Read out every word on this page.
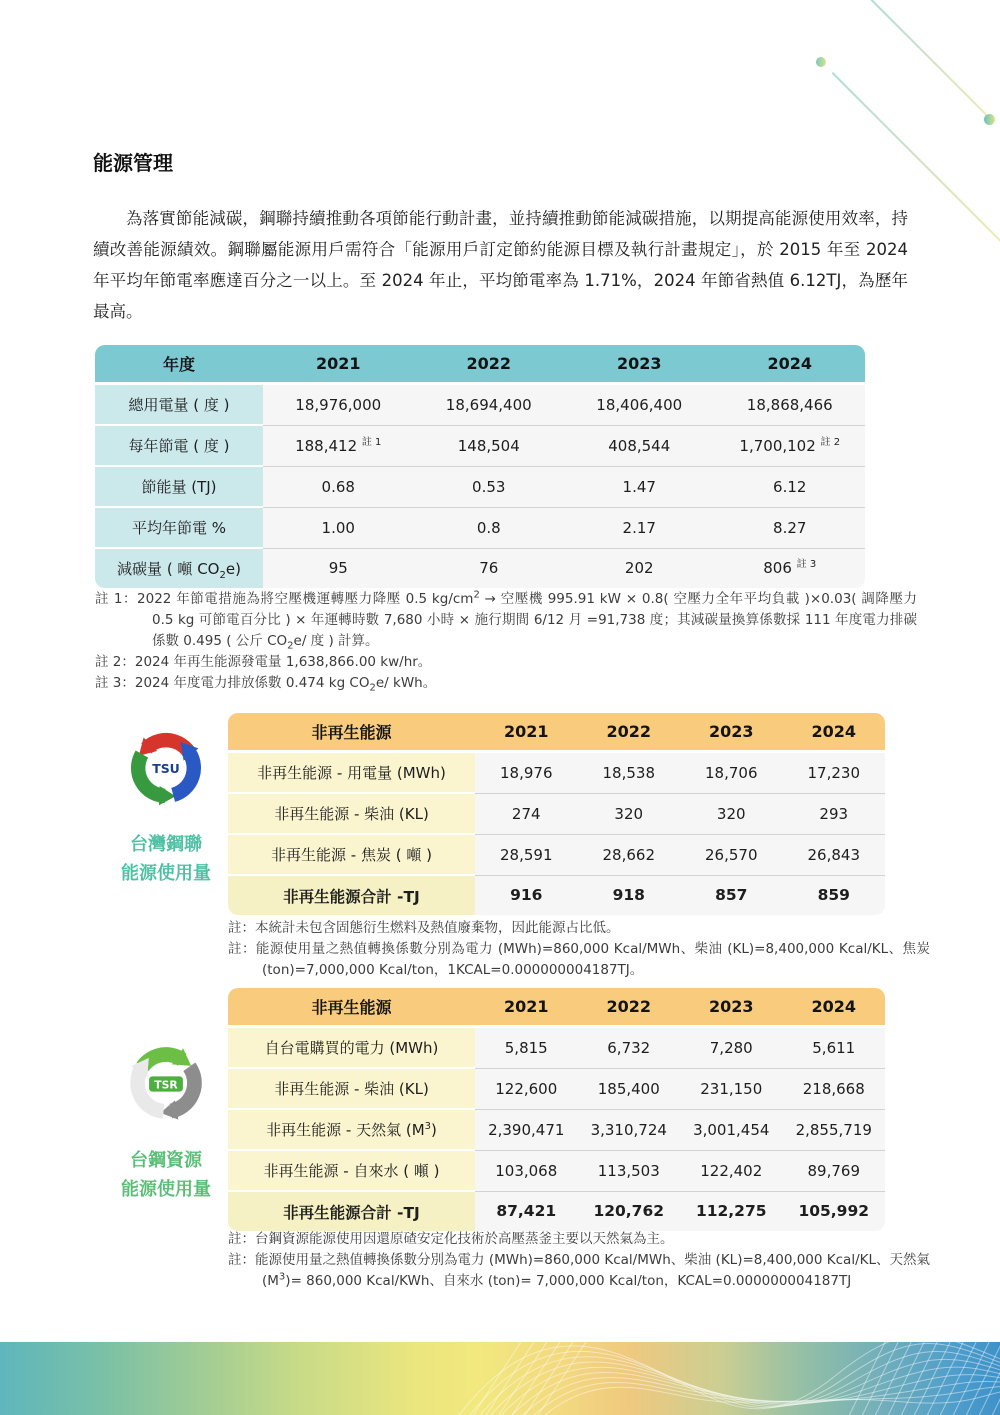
能源管理

為落實節能減碳，鋼聯持續推動各項節能行動計畫，並持續推動節能減碳措施，以期提高能源使用效率，持續改善能源績效。鋼聯屬能源用戶需符合「能源用戶訂定節約能源目標及執行計畫規定」，於 2015 年至 2024 年平均年節電率應達百分之一以上。至 2024 年止，平均節電率為 1.71%，2024 年節省熱值 6.12TJ，為歷年最高。

年度	2021	2022	2023	2024
總用電量 ( 度 )	18,976,000	18,694,400	18,406,400	18,868,466
每年節電 ( 度 )	188,412 $^{註 1}$	148,504	408,544	1,700,102 $^{註 2}$
節能量 (TJ)	0.68	0.53	1.47	6.12
平均年節電 %	1.00	0.8	2.17	8.27
減碳量 ( 噸 $CO_2e$)	95	76	202	806 $^{註 3}$
註 1：2022 年節電措施為將空壓機運轉壓力降壓 0.5 $kg/cm^2$ → 空壓機 995.91 kW × 0.8( 空壓力全年平均負載 )×0.03( 調降壓力 0.5 kg 可節電百分比 ) × 年運轉時數 7,680 小時 × 施行期間 6/12 月 =91,738 度；其減碳量換算係數採 111 年度電力排碳係數 0.495 ( 公斤 $CO_2e/$ 度 ) 計算。
註 2：2024 年再生能源發電量 1,638,866.00 kw/hr。
註 3：2024 年度電力排放係數 0.474 kg $CO_2e/$ kWh。
TSU
台灣鋼聯
能源使用量
非再生能源	2021	2022	2023	2024
非再生能源 - 用電量 (MWh)	18,976	18,538	18,706	17,230
非再生能源 - 柴油 (KL)	274	320	320	293
非再生能源 - 焦炭 ( 噸 )	28,591	28,662	26,570	26,843
非再生能源合計 -TJ	916	918	857	859
註：本統計未包含固態衍生燃料及熱值廢棄物，因此能源占比低。
註：能源使用量之熱值轉換係數分別為電力 (MWh)=860,000 Kcal/MWh、柴油 (KL)=8,400,000 Kcal/KL、焦炭 (ton)=7,000,000 Kcal/ton，1KCAL=0.000000004187TJ。
TSR
台鋼資源
能源使用量
非再生能源	2021	2022	2023	2024
自台電購買的電力 (MWh)	5,815	6,732	7,280	5,611
非再生能源 - 柴油 (KL)	122,600	185,400	231,150	218,668
非再生能源 - 天然氣 $(M^3)$	2,390,471	3,310,724	3,001,454	2,855,719
非再生能源 - 自來水 ( 噸 )	103,068	113,503	122,402	89,769
非再生能源合計 -TJ	87,421	120,762	112,275	105,992
註：台鋼資源能源使用因還原碴安定化技術於高壓蒸釜主要以天然氣為主。
註：能源使用量之熱值轉換係數分別為電力 (MWh)=860,000 Kcal/MWh、柴油 (KL)=8,400,000 Kcal/KL、天然氣 $(M^3)= 860,000$ Kcal/KWh、自來水 (ton)= 7,000,000 Kcal/ton，KCAL=0.000000004187TJ
